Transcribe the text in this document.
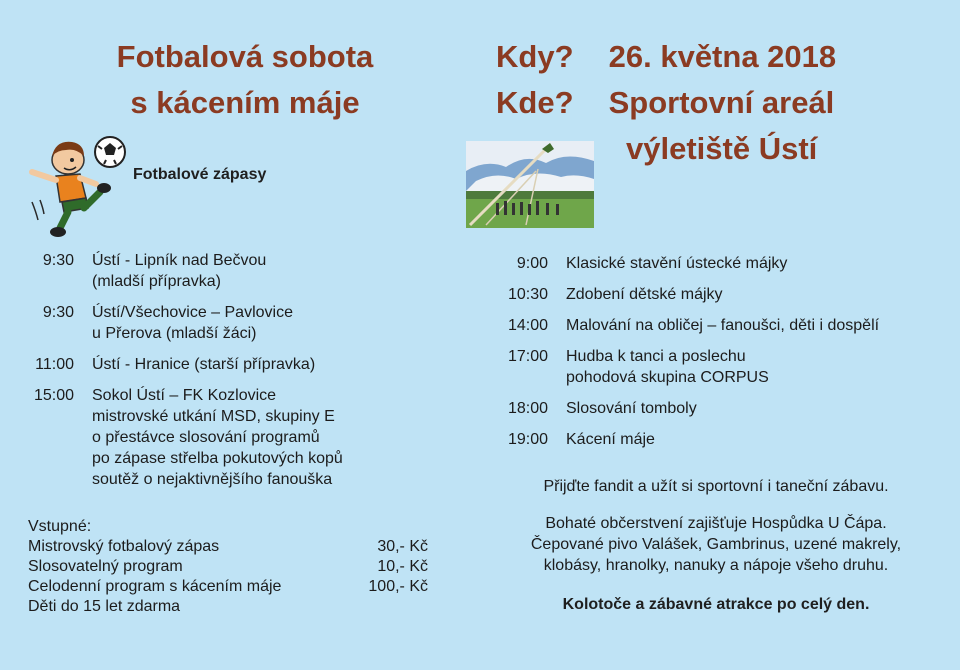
Fotbalová sobota
s kácením máje
Kdy? 26. května 2018
Kde? Sportovní areál
výletiště Ústí
Fotbalové zápasy
9:30 Ústí - Lipník nad Bečvou
(mladší přípravka)
9:30 Ústí/Všechovice – Pavlovice
u Přerova (mladší žáci)
11:00 Ústí - Hranice (starší přípravka)
15:00 Sokol Ústí – FK Kozlovice
mistrovské utkání MSD, skupiny E
o přestávce slosování programů
po zápase střelba pokutových kopů
soutěž o nejaktivnějšího fanouška
Vstupné:
Mistrovský fotbalový zápas	30,- Kč
Slosovatelný program	10,- Kč
Celodenní program s kácením máje	100,- Kč
Děti do 15 let zdarma
9:00 Klasické stavění ústecké májky
10:30 Zdobení dětské májky
14:00 Malování na obličej – fanoušci, děti i dospělí
17:00 Hudba k tanci a poslechu
pohodová skupina CORPUS
18:00 Slosování tomboly
19:00 Kácení máje
Přijďte fandit a užít si sportovní i taneční zábavu.
Bohaté občerstvení zajišťuje Hospůdka U Čápa.
Čepované pivo Valášek, Gambrinus, uzené makrely,
klobásy, hranolky, nanuky a nápoje všeho druhu.
Kolotoče a zábavné atrakce po celý den.
